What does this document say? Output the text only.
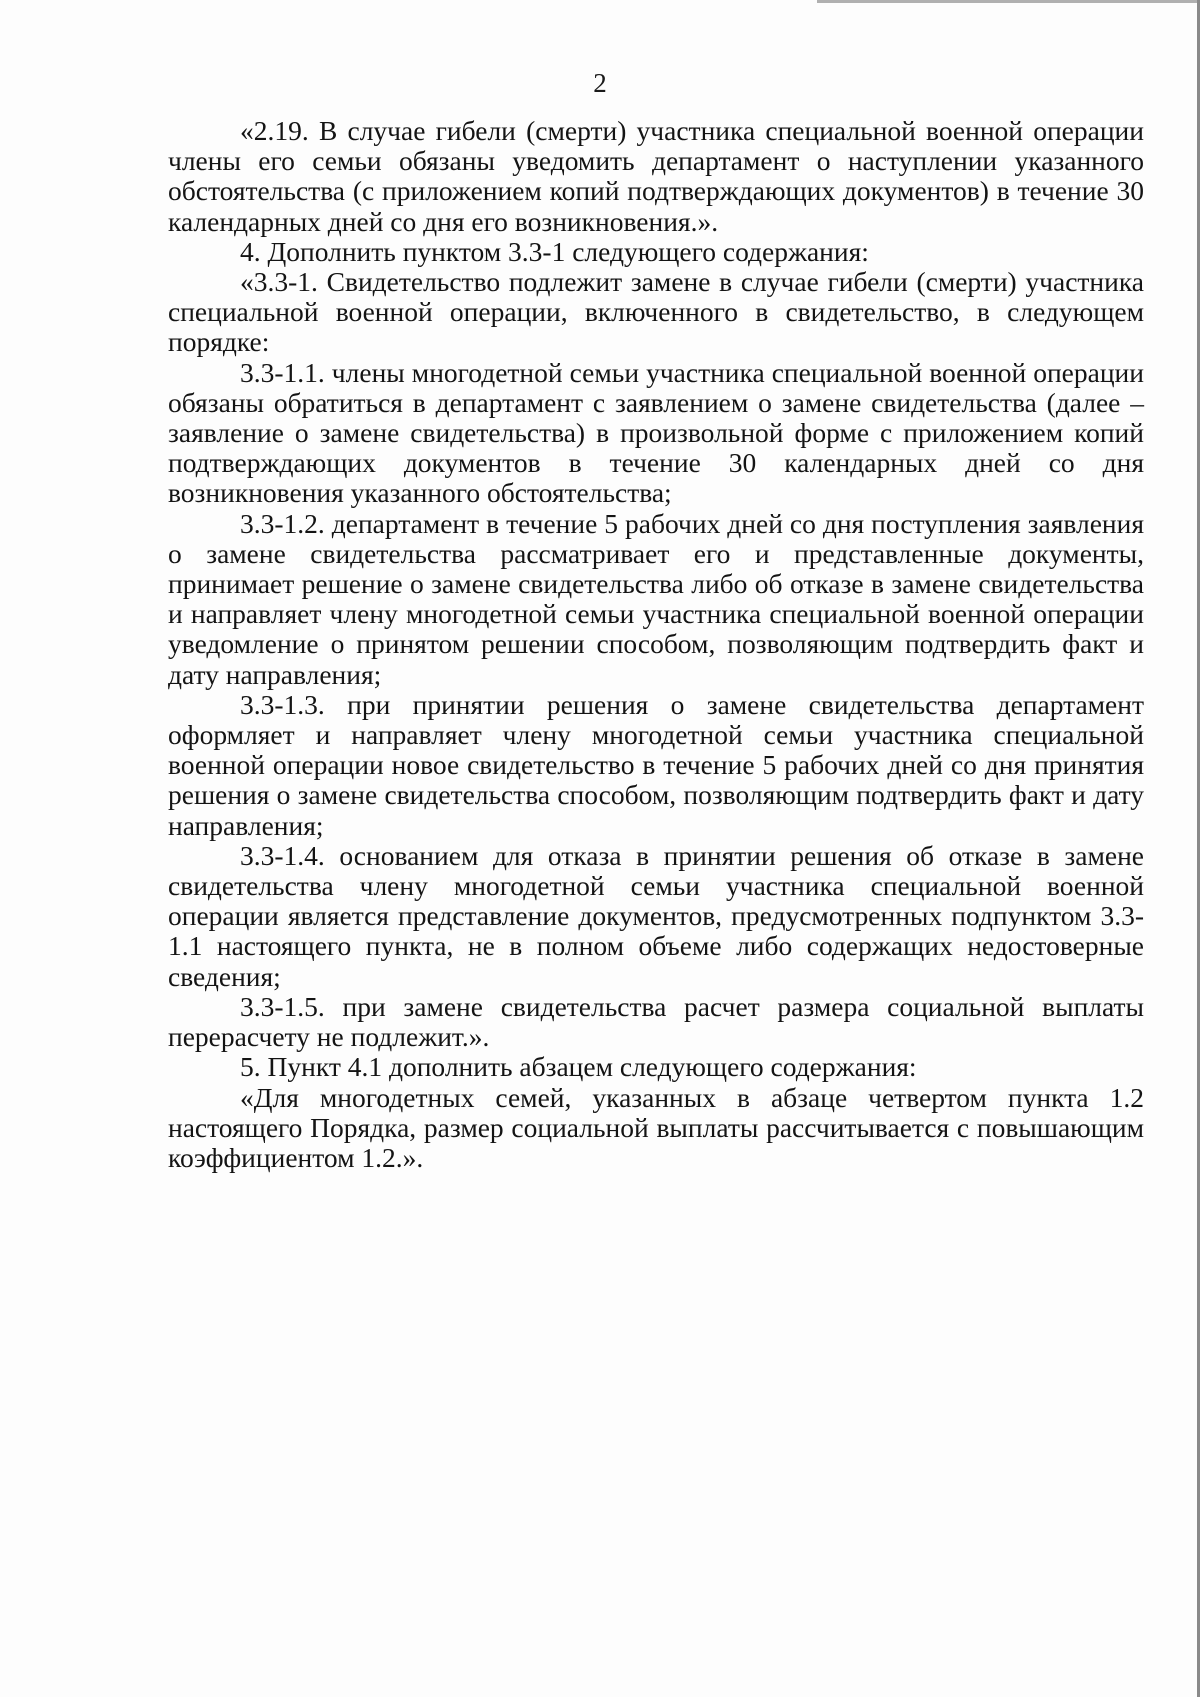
2

«2.19. В случае гибели (смерти) участника специальной военной операции члены его семьи обязаны уведомить департамент о наступлении указанного обстоятельства (с приложением копий подтверждающих документов) в течение 30 календарных дней со дня его возникновения.».

4. Дополнить пунктом 3.3-1 следующего содержания:

«3.3-1. Свидетельство подлежит замене в случае гибели (смерти) участника специальной военной операции, включенного в свидетельство, в следующем порядке:

3.3-1.1. члены многодетной семьи участника специальной военной операции обязаны обратиться в департамент с заявлением о замене свидетельства (далее – заявление о замене свидетельства) в произвольной форме с приложением копий подтверждающих документов в течение 30 календарных дней со дня возникновения указанного обстоятельства;

3.3-1.2. департамент в течение 5 рабочих дней со дня поступления заявления о замене свидетельства рассматривает его и представленные документы, принимает решение о замене свидетельства либо об отказе в замене свидетельства и направляет члену многодетной семьи участника специальной военной операции уведомление о принятом решении способом, позволяющим подтвердить факт и дату направления;

3.3-1.3. при принятии решения о замене свидетельства департамент оформляет и направляет члену многодетной семьи участника специальной военной операции новое свидетельство в течение 5 рабочих дней со дня принятия решения о замене свидетельства способом, позволяющим подтвердить факт и дату направления;

3.3-1.4. основанием для отказа в принятии решения об отказе в замене свидетельства члену многодетной семьи участника специальной военной операции является представление документов, предусмотренных подпунктом 3.3-1.1 настоящего пункта, не в полном объеме либо содержащих недостоверные сведения;

3.3-1.5. при замене свидетельства расчет размера социальной выплаты перерасчету не подлежит.».

5. Пункт 4.1 дополнить абзацем следующего содержания:

«Для многодетных семей, указанных в абзаце четвертом пункта 1.2 настоящего Порядка, размер социальной выплаты рассчитывается с повышающим коэффициентом 1.2.».
